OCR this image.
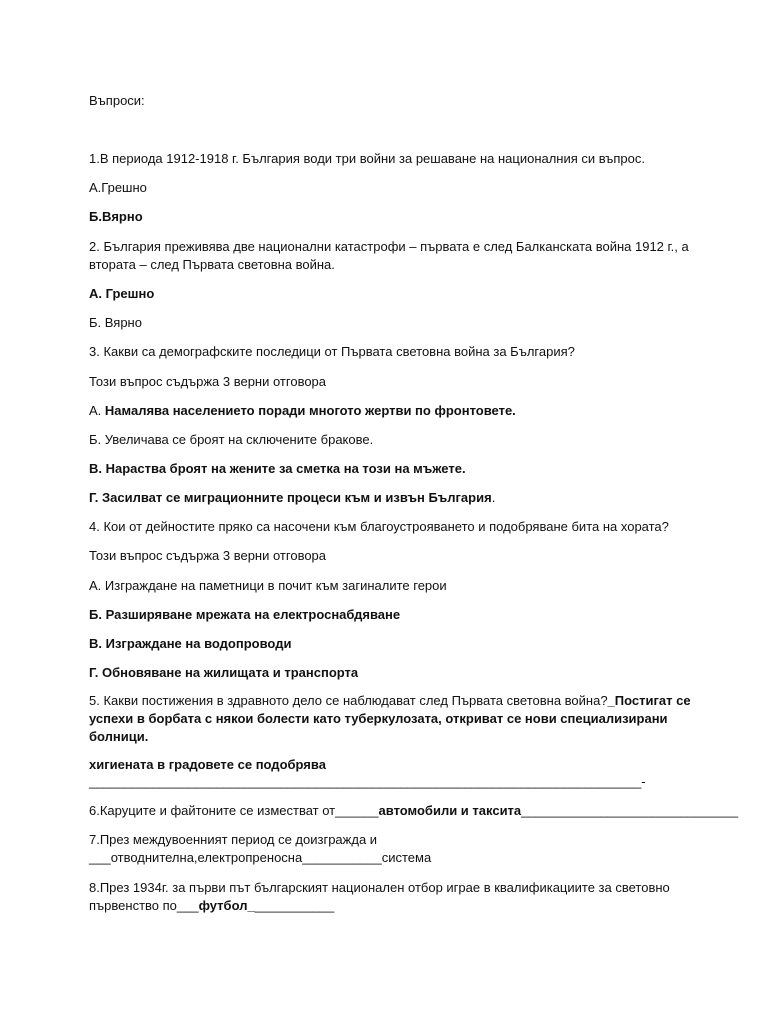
Въпроси:

1.В периода 1912-1918 г. България води три войни за решаване на националния си въпрос.

А.Грешно

Б.Вярно

2. България преживява две национални катастрофи – първата е след Балканската война 1912 г., а

втората – след Първата световна война.

А. Грешно

Б. Вярно

3. Какви са демографските последици от Първата световна война за България?

Този въпрос съдържа 3 верни отговора

А. Намалява населението поради многото жертви по фронтовете.

Б. Увеличава се броят на сключените бракове.

В. Нараства броят на жените за сметка на този на мъжете.

Г. Засилват се миграционните процеси към и извън България.

4. Кои от дейностите пряко са насочени към благоустрояването и подобряване бита на хората?

Този въпрос съдържа 3 верни отговора

А. Изграждане на паметници в почит към загиналите герои

Б. Разширяване мрежата на електроснабдяване

В. Изграждане на водопроводи

Г. Обновяване на жилищата и транспорта

5. Какви постижения в здравното дело се наблюдават след Първата световна война?_Постигат се

успехи в борбата с някои болести като туберкулозата, откриват се нови специализирани

болници.

хигиената в градовете се подобрява

______________________________________________________________________________-

6.Каруците и файтоните се изместват от______автомобили и таксита______________________________

7.През междувоенният период се доизгражда и

___отводнителна,електропреносна___________система

8.През 1934г. за първи път българският национален отбор играе в квалификациите за световно

първенство по___футбол____________
